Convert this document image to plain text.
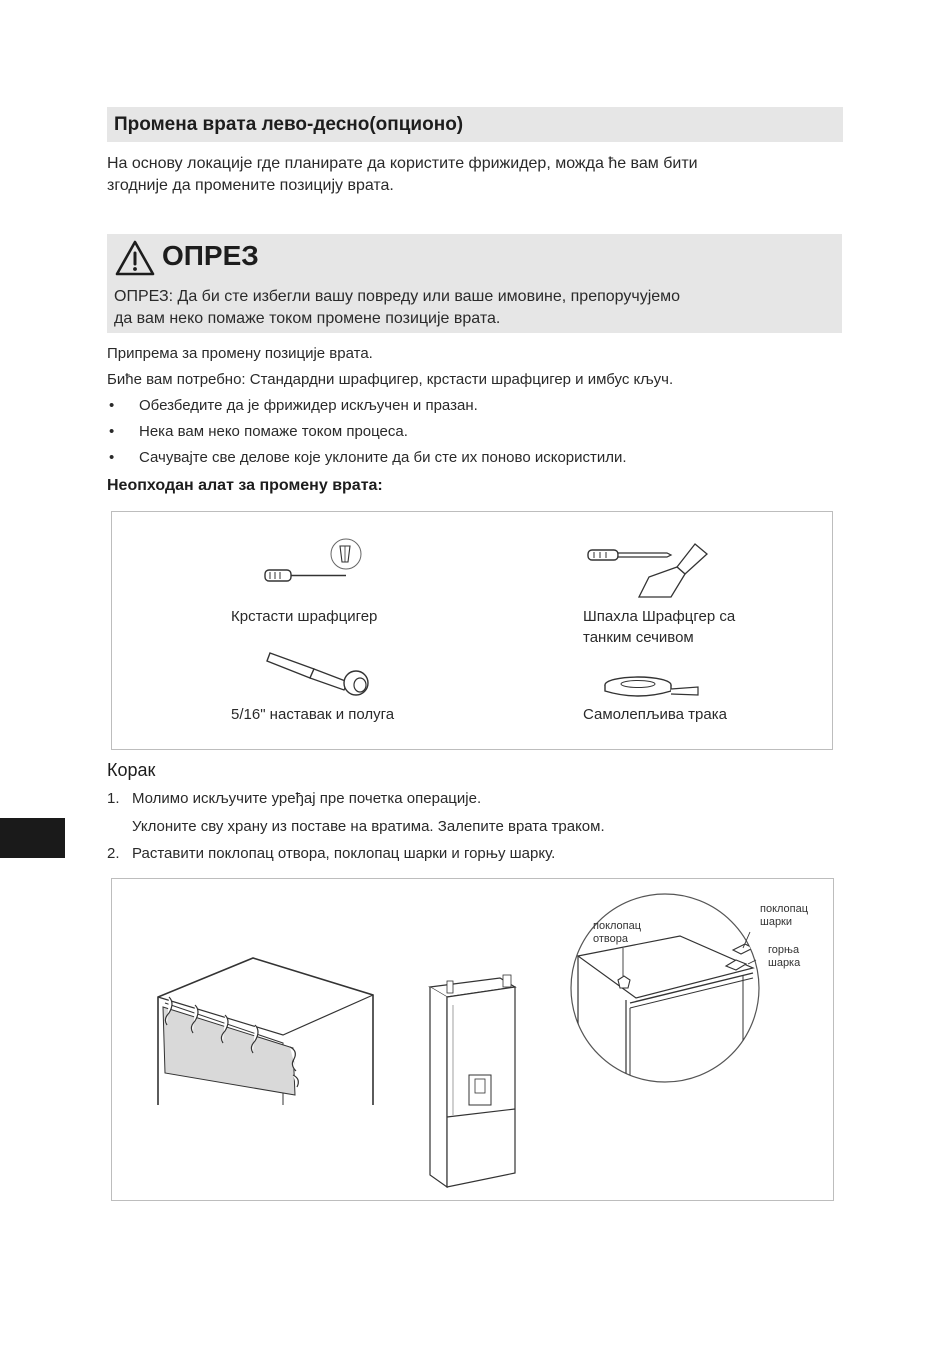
Промена врата лево-десно(опционо)
На основу локације где планирате да користите фрижидер, можда ће вам бити
згодније да промените позицију врата.
ОПРЕЗ
ОПРЕЗ: Да би сте избегли вашу повреду или ваше имовине, препоручујемо
да вам неко помаже током промене позиције врата.
Припрема за промену позиције врата.
Биће вам потребно: Стандардни шрафцигер, крстасти шрафцигер и имбус кључ.
• Обезбедите да је фрижидер искључен и празан.
• Нека вам неко помаже током процеса.
• Сачувајте све делове које уклоните да би сте их поново искористили.
Неопходан алат за промену врата:
Крстасти шрафцигер	Шпахла Шрафцгер са
танким сечивом
5/16" наставак и полуга	Самолепљива трака
Корак
1. Молимо искључите уређај пре почетка операције.
Уклоните сву храну из поставе на вратима. Залепите врата траком.
2. Раставити поклопац отвора, поклопац шарки и горњу шарку.
поклопац
отвора
поклопац
шарки
горња
шарка
